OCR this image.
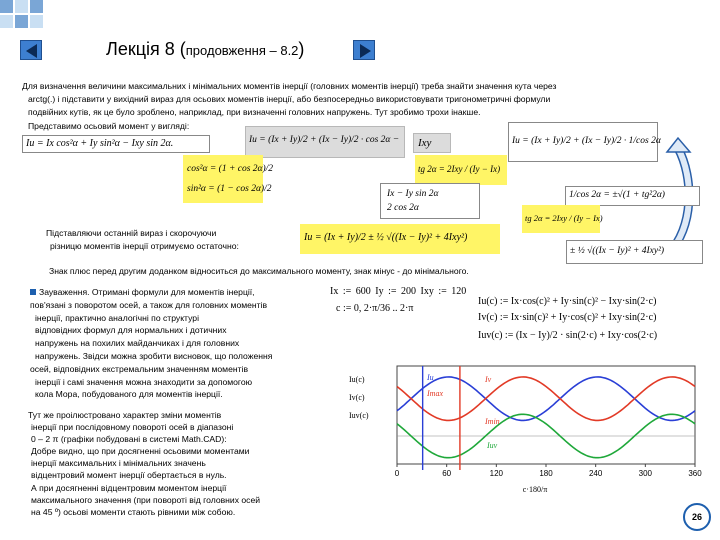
Лекція 8 (продовження – 8.2)
Для визначення величини максимальних і мінімальних моментів інерції (головних моментів інерції) треба знайти значення кута через
arctg(.) і підставити у вихідний вираз для осьових моментів інерції, або безпосередньо використовувати тригонометричні формули
подвійних кутів, як це було зроблено, наприклад, при визначенні головних напружень. Тут зробимо трохи інакше.
Представимо осьовий момент у вигляді:
Iu = Ix cos²α + Iy sin²α − Ixy sin 2α.	Iu = (Ix + Iy)/2 + (Ix − Iy)/2 · cos 2α −	Ixy	Iu = (Ix + Iy)/2 + (Ix − Iy)/2 · 1/cos 2α
cos²α = (1 + cos 2α)/2
sin²α = (1 − cos 2α)/2
tg 2α = 2Ixy / (Iy − Ix)
Ix − Iy sin 2α
2 cos 2α
1/cos 2α = ±√(1 + tg²2α)
tg 2α = 2Ixy / (Iy − Ix)
Підставляючи останній вираз і скорочуючи
різницю моментів інерції отримуємо остаточно:
Iu = (Ix + Iy)/2 ± ½ √((Ix − Iy)² + 4Ixy²)
± ½ √((Ix − Iy)² + 4Ixy²)
Знак плюс перед другим доданком відноситься до максимального моменту, знак мінус - до мінімального.
Зауваження. Отримані формули для моментів інерції,
пов'язані з поворотом осей, а також для головних моментів
інерції, практично аналогічні по структурі
відповідних формул для нормальних і дотичних
напружень на похилих майданчиках і для головних
напружень. Звідси можна зробити висновок, що положення
осей, відповідних екстремальним значенням моментів
інерції і самі значення можна знаходити за допомогою
кола Мора, побудованого для моментів інерції.
Тут же проілюстровано характер зміни моментів
інерції при послідовному повороті осей в діапазоні
0 – 2 π (графіки побудовані в системі Math.CAD):
Добре видно, що при досягненні осьовими моментами
інерції максимальних і мінімальних значень
відцентровий момент інерції обертається в нуль.
А при досягненні відцентровим моментом інерції
максимального значення (при повороті від головних осей
на 45 º) осьові моменти стають рівними між собою.
Ix := 600 Iy := 200 Ixy := 120
c := 0, 2·π/36 .. 2·π
Iu(c) := Ix·cos(c)² + Iy·sin(c)² − Ixy·sin(2·c)
Iv(c) := Ix·sin(c)² + Iy·cos(c)² + Ixy·sin(2·c)
Iuv(c) := (Ix − Iy)/2 · sin(2·c) + Ixy·cos(2·c)
0	60	120	180	240	300	360
Iu	Iv
Iuv
Imax
Imin
Iu(c)
Iv(c)
Iuv(c)
c·180/π
26
